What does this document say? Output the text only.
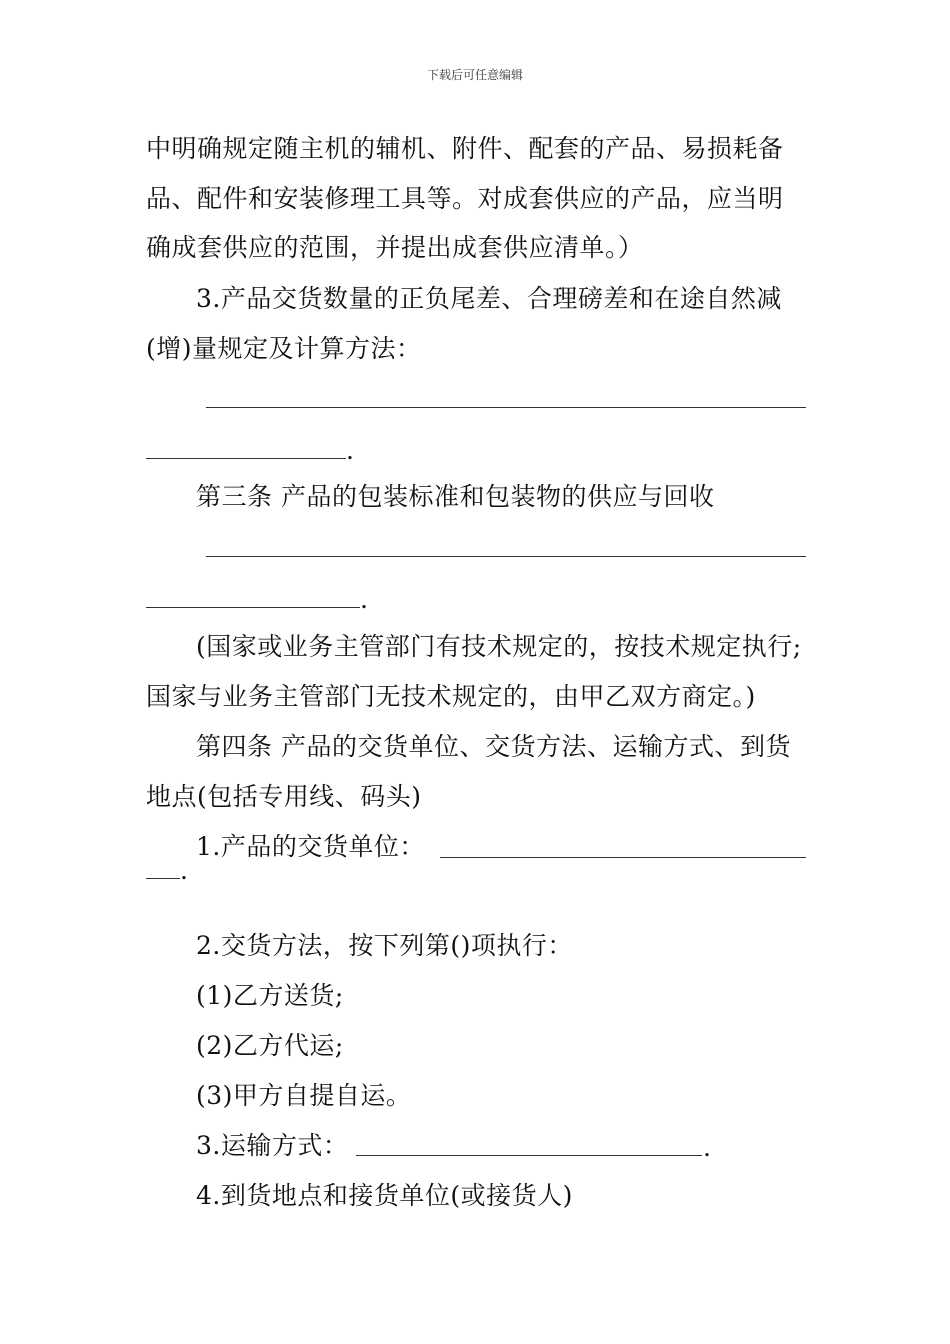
下载后可任意编辑
中明确规定随主机的辅机、附件、配套的产品、易损耗备
品、配件和安装修理工具等。对成套供应的产品，应当明
确成套供应的范围，并提出成套供应清单。）
3.产品交货数量的正负尾差、合理磅差和在途自然减
(增)量规定及计算方法：
.
第三条 产品的包装标准和包装物的供应与回收
.
(国家或业务主管部门有技术规定的，按技术规定执行;
国家与业务主管部门无技术规定的，由甲乙双方商定。)
第四条 产品的交货单位、交货方法、运输方式、到货
地点(包括专用线、码头)
1.产品的交货单位：
.
2.交货方法，按下列第()项执行：
(1)乙方送货;
(2)乙方代运;
(3)甲方自提自运。
3.运输方式：	.
4.到货地点和接货单位(或接货人)
